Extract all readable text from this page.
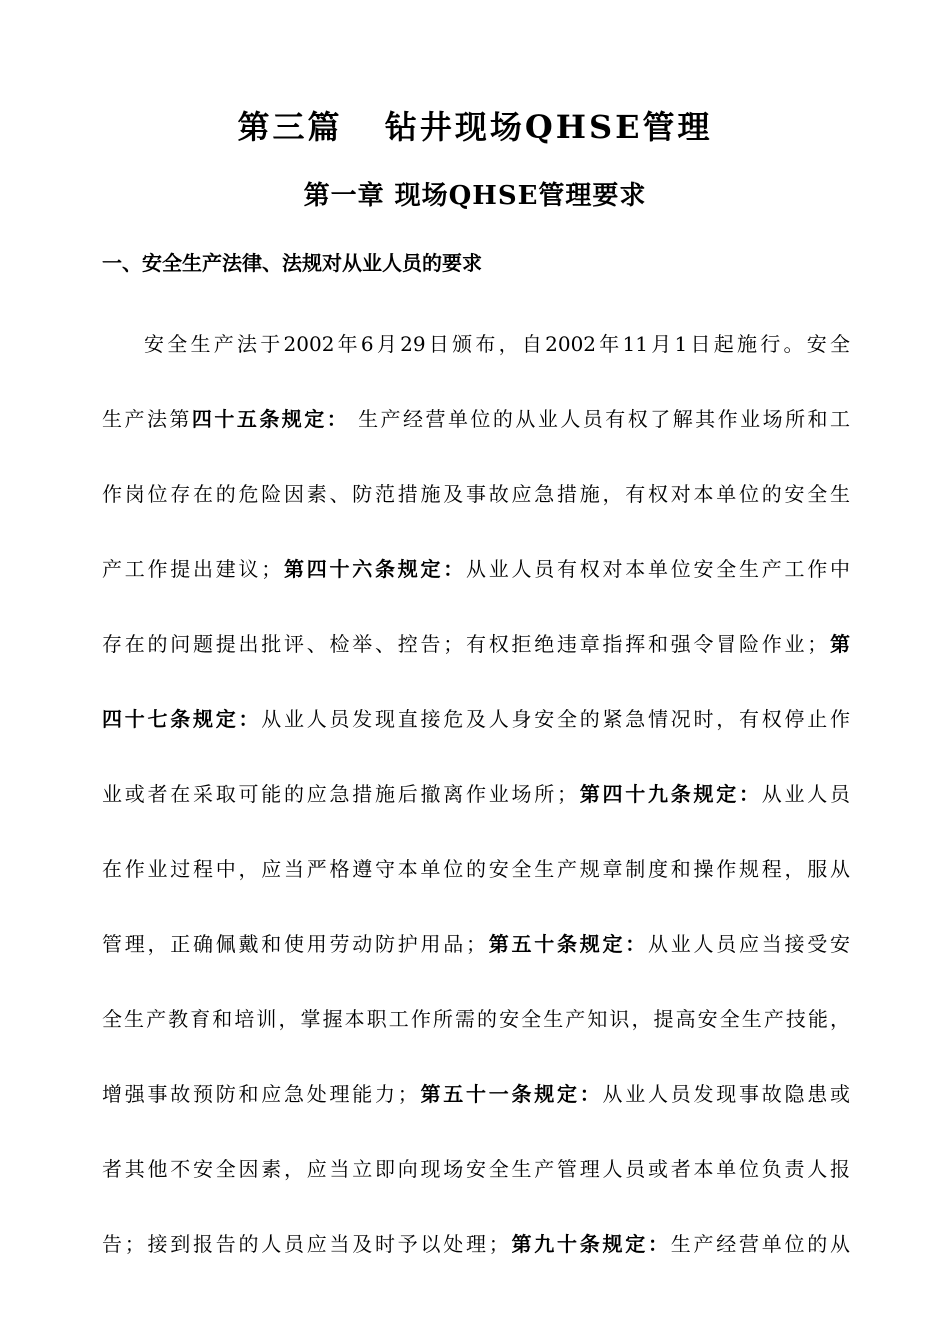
第三篇   钻井现场QHSE管理
第一章 现场QHSE管理要求
一、安全生产法律、法规对从业人员的要求
安全生产法于2002年6月29日颁布，自2002年11月1日起施行。安全
生产法第四十五条规定： 生产经营单位的从业人员有权了解其作业场所和工
作岗位存在的危险因素、防范措施及事故应急措施，有权对本单位的安全生
产工作提出建议；第四十六条规定：从业人员有权对本单位安全生产工作中
存在的问题提出批评、检举、控告；有权拒绝违章指挥和强令冒险作业；第
四十七条规定：从业人员发现直接危及人身安全的紧急情况时，有权停止作
业或者在采取可能的应急措施后撤离作业场所；第四十九条规定：从业人员
在作业过程中，应当严格遵守本单位的安全生产规章制度和操作规程，服从
管理，正确佩戴和使用劳动防护用品；第五十条规定：从业人员应当接受安
全生产教育和培训，掌握本职工作所需的安全生产知识，提高安全生产技能，
增强事故预防和应急处理能力；第五十一条规定：从业人员发现事故隐患或
者其他不安全因素，应当立即向现场安全生产管理人员或者本单位负责人报
告；接到报告的人员应当及时予以处理；第九十条规定：生产经营单位的从
